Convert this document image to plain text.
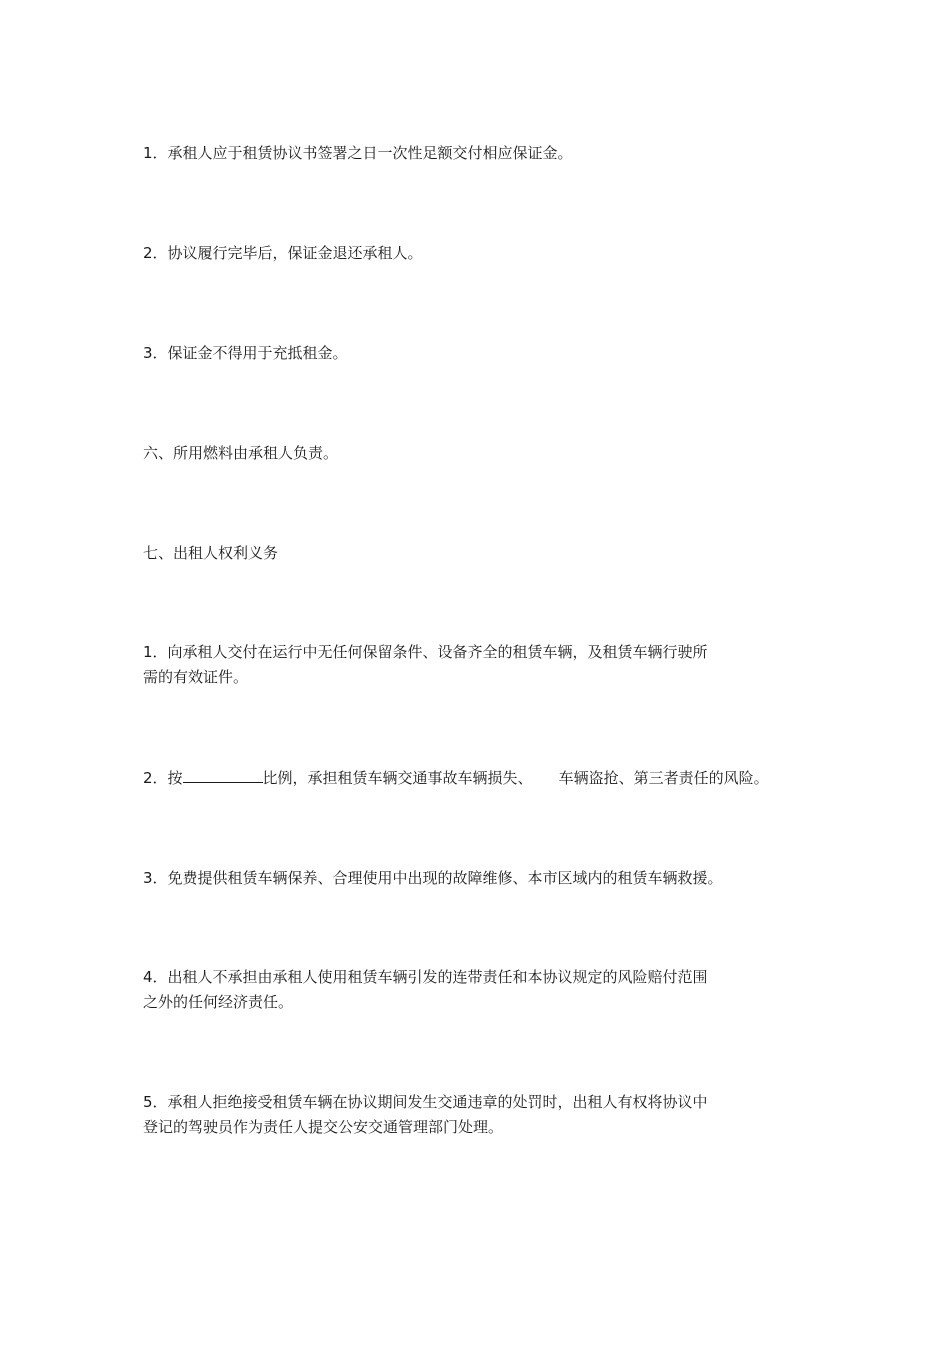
1．承租人应于租赁协议书签署之日一次性足额交付相应保证金。

2．协议履行完毕后，保证金退还承租人。

3．保证金不得用于充抵租金。

六、所用燃料由承租人负责。

七、出租人权利义务

1．向承租人交付在运行中无任何保留条件、设备齐全的租赁车辆，及租赁车辆行驶所
需的有效证件。

2．按	比例，承担租赁车辆交通事故车辆损失、 车辆盗抢、第三者责任的风险。

3．免费提供租赁车辆保养、合理使用中出现的故障维修、本市区域内的租赁车辆救援。

4．出租人不承担由承租人使用租赁车辆引发的连带责任和本协议规定的风险赔付范围
之外的任何经济责任。
5．承租人拒绝接受租赁车辆在协议期间发生交通违章的处罚时，出租人有权将协议中
登记的驾驶员作为责任人提交公安交通管理部门处理。
